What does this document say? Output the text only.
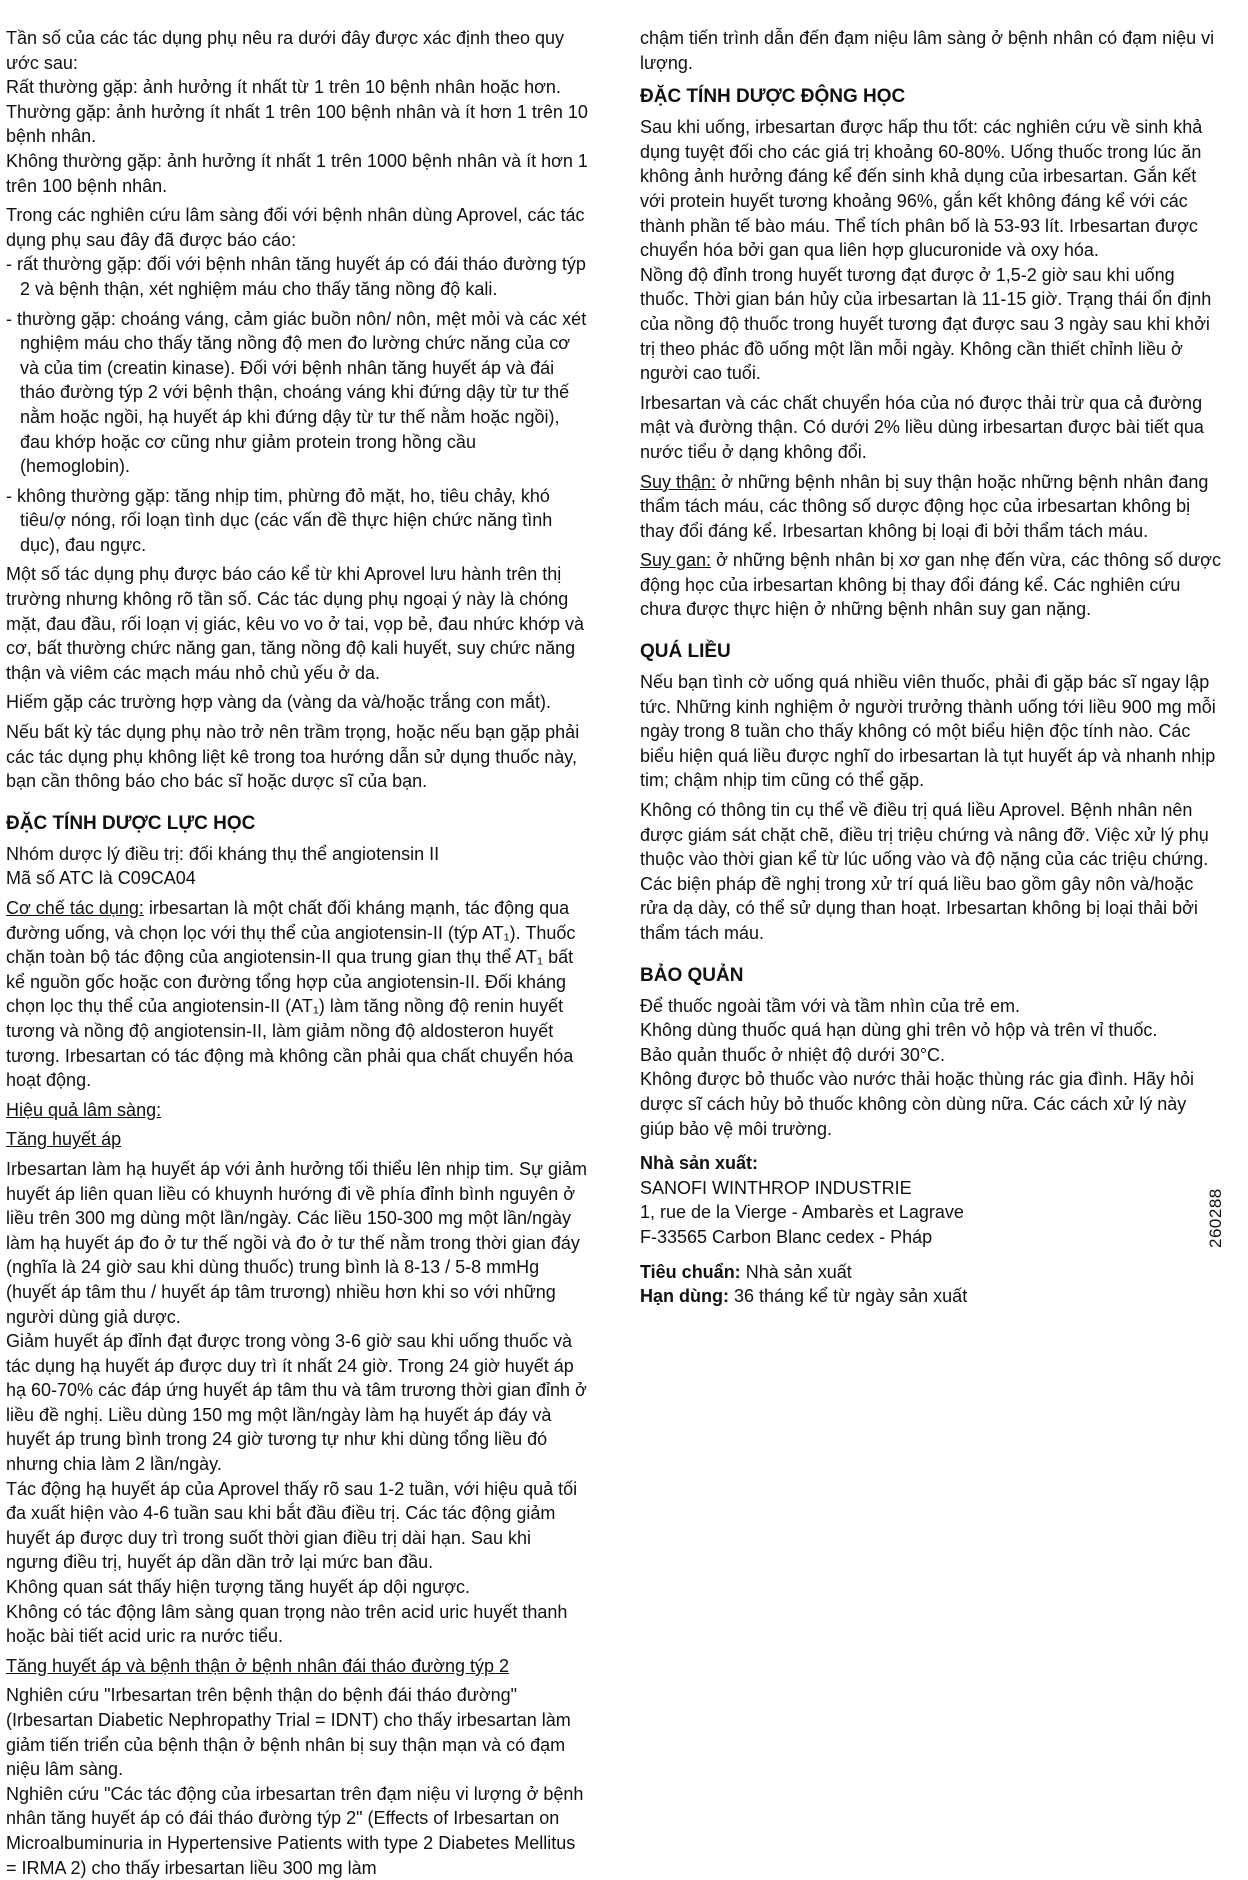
Tần số của các tác dụng phụ nêu ra dưới đây được xác định theo quy ước sau:

Rất thường gặp: ảnh hưởng ít nhất từ 1 trên 10 bệnh nhân hoặc hơn.

Thường gặp: ảnh hưởng ít nhất 1 trên 100 bệnh nhân và ít hơn 1 trên 10 bệnh nhân.

Không thường gặp: ảnh hưởng ít nhất 1 trên 1000 bệnh nhân và ít hơn 1 trên 100 bệnh nhân.

Trong các nghiên cứu lâm sàng đối với bệnh nhân dùng Aprovel, các tác dụng phụ sau đây đã được báo cáo:

- rất thường gặp: đối với bệnh nhân tăng huyết áp có đái tháo đường týp 2 và bệnh thận, xét nghiệm máu cho thấy tăng nồng độ kali.

- thường gặp: choáng váng, cảm giác buồn nôn/ nôn, mệt mỏi và các xét nghiệm máu cho thấy tăng nồng độ men đo lường chức năng của cơ và của tim (creatin kinase). Đối với bệnh nhân tăng huyết áp và đái tháo đường týp 2 với bệnh thận, choáng váng khi đứng dậy từ tư thế nằm hoặc ngồi, hạ huyết áp khi đứng dậy từ tư thế nằm hoặc ngồi), đau khớp hoặc cơ cũng như giảm protein trong hồng cầu (hemoglobin).

- không thường gặp: tăng nhịp tim, phừng đỏ mặt, ho, tiêu chảy, khó tiêu/ợ nóng, rối loạn tình dục (các vấn đề thực hiện chức năng tình dục), đau ngực.

Một số tác dụng phụ được báo cáo kể từ khi Aprovel lưu hành trên thị trường nhưng không rõ tần số. Các tác dụng phụ ngoại ý này là chóng mặt, đau đầu, rối loạn vị giác, kêu vo vo ở tai, vọp bẻ, đau nhức khớp và cơ, bất thường chức năng gan, tăng nồng độ kali huyết, suy chức năng thận và viêm các mạch máu nhỏ chủ yếu ở da.

Hiếm gặp các trường hợp vàng da (vàng da và/hoặc trắng con mắt).

Nếu bất kỳ tác dụng phụ nào trở nên trầm trọng, hoặc nếu bạn gặp phải các tác dụng phụ không liệt kê trong toa hướng dẫn sử dụng thuốc này, bạn cần thông báo cho bác sĩ hoặc dược sĩ của bạn.

ĐẶC TÍNH DƯỢC LỰC HỌC

Nhóm dược lý điều trị: đối kháng thụ thể angiotensin II

Mã số ATC là C09CA04

Cơ chế tác dụng: irbesartan là một chất đối kháng mạnh, tác động qua đường uống, và chọn lọc với thụ thể của angiotensin-II (týp AT₁). Thuốc chặn toàn bộ tác động của angiotensin-II qua trung gian thụ thể AT₁ bất kể nguồn gốc hoặc con đường tổng hợp của angiotensin-II. Đối kháng chọn lọc thụ thể của angiotensin-II (AT₁) làm tăng nồng độ renin huyết tương và nồng độ angiotensin-II, làm giảm nồng độ aldosteron huyết tương. Irbesartan có tác động mà không cần phải qua chất chuyển hóa hoạt động.

Hiệu quả lâm sàng:

Tăng huyết áp

Irbesartan làm hạ huyết áp với ảnh hưởng tối thiểu lên nhịp tim. Sự giảm huyết áp liên quan liều có khuynh hướng đi về phía đỉnh bình nguyên ở liều trên 300 mg dùng một lần/ngày. Các liều 150-300 mg một lần/ngày làm hạ huyết áp đo ở tư thế ngồi và đo ở tư thế nằm trong thời gian đáy (nghĩa là 24 giờ sau khi dùng thuốc) trung bình là 8-13 / 5-8 mmHg (huyết áp tâm thu / huyết áp tâm trương) nhiều hơn khi so với những người dùng giả dược.

Giảm huyết áp đỉnh đạt được trong vòng 3-6 giờ sau khi uống thuốc và tác dụng hạ huyết áp được duy trì ít nhất 24 giờ. Trong 24 giờ huyết áp hạ 60-70% các đáp ứng huyết áp tâm thu và tâm trương thời gian đỉnh ở liều đề nghị. Liều dùng 150 mg một lần/ngày làm hạ huyết áp đáy và huyết áp trung bình trong 24 giờ tương tự như khi dùng tổng liều đó nhưng chia làm 2 lần/ngày.

Tác động hạ huyết áp của Aprovel thấy rõ sau 1-2 tuần, với hiệu quả tối đa xuất hiện vào 4-6 tuần sau khi bắt đầu điều trị. Các tác động giảm huyết áp được duy trì trong suốt thời gian điều trị dài hạn. Sau khi ngưng điều trị, huyết áp dần dần trở lại mức ban đầu.

Không quan sát thấy hiện tượng tăng huyết áp dội ngược.

Không có tác động lâm sàng quan trọng nào trên acid uric huyết thanh hoặc bài tiết acid uric ra nước tiểu.

Tăng huyết áp và bệnh thận ở bệnh nhân đái tháo đường týp 2

Nghiên cứu "Irbesartan trên bệnh thận do bệnh đái tháo đường" (Irbesartan Diabetic Nephropathy Trial = IDNT) cho thấy irbesartan làm giảm tiến triển của bệnh thận ở bệnh nhân bị suy thận mạn và có đạm niệu lâm sàng.

Nghiên cứu "Các tác động của irbesartan trên đạm niệu vi lượng ở bệnh nhân tăng huyết áp có đái tháo đường týp 2" (Effects of Irbesartan on Microalbuminuria in Hypertensive Patients with type 2 Diabetes Mellitus = IRMA 2) cho thấy irbesartan liều 300 mg làm

chậm tiến trình dẫn đến đạm niệu lâm sàng ở bệnh nhân có đạm niệu vi lượng.

ĐẶC TÍNH DƯỢC ĐỘNG HỌC

Sau khi uống, irbesartan được hấp thu tốt: các nghiên cứu về sinh khả dụng tuyệt đối cho các giá trị khoảng 60-80%. Uống thuốc trong lúc ăn không ảnh hưởng đáng kể đến sinh khả dụng của irbesartan. Gắn kết với protein huyết tương khoảng 96%, gắn kết không đáng kể với các thành phần tế bào máu. Thể tích phân bố là 53-93 lít. Irbesartan được chuyển hóa bởi gan qua liên hợp glucuronide và oxy hóa.

Nồng độ đỉnh trong huyết tương đạt được ở 1,5-2 giờ sau khi uống thuốc. Thời gian bán hủy của irbesartan là 11-15 giờ. Trạng thái ổn định của nồng độ thuốc trong huyết tương đạt được sau 3 ngày sau khi khởi trị theo phác đồ uống một lần mỗi ngày. Không cần thiết chỉnh liều ở người cao tuổi.

Irbesartan và các chất chuyển hóa của nó được thải trừ qua cả đường mật và đường thận. Có dưới 2% liều dùng irbesartan được bài tiết qua nước tiểu ở dạng không đổi.

Suy thận: ở những bệnh nhân bị suy thận hoặc những bệnh nhân đang thẩm tách máu, các thông số dược động học của irbesartan không bị thay đổi đáng kể. Irbesartan không bị loại đi bởi thẩm tách máu.

Suy gan: ở những bệnh nhân bị xơ gan nhẹ đến vừa, các thông số dược động học của irbesartan không bị thay đổi đáng kể. Các nghiên cứu chưa được thực hiện ở những bệnh nhân suy gan nặng.

QUÁ LIỀU

Nếu bạn tình cờ uống quá nhiều viên thuốc, phải đi gặp bác sĩ ngay lập tức. Những kinh nghiệm ở người trưởng thành uống tới liều 900 mg mỗi ngày trong 8 tuần cho thấy không có một biểu hiện độc tính nào. Các biểu hiện quá liều được nghĩ do irbesartan là tụt huyết áp và nhanh nhịp tim; chậm nhịp tim cũng có thể gặp.

Không có thông tin cụ thể về điều trị quá liều Aprovel. Bệnh nhân nên được giám sát chặt chẽ, điều trị triệu chứng và nâng đỡ. Việc xử lý phụ thuộc vào thời gian kể từ lúc uống vào và độ nặng của các triệu chứng. Các biện pháp đề nghị trong xử trí quá liều bao gồm gây nôn và/hoặc rửa dạ dày, có thể sử dụng than hoạt. Irbesartan không bị loại thải bởi thẩm tách máu.

BẢO QUẢN

Để thuốc ngoài tầm với và tầm nhìn của trẻ em.

Không dùng thuốc quá hạn dùng ghi trên vỏ hộp và trên vỉ thuốc.

Bảo quản thuốc ở nhiệt độ dưới 30°C.

Không được bỏ thuốc vào nước thải hoặc thùng rác gia đình. Hãy hỏi dược sĩ cách hủy bỏ thuốc không còn dùng nữa. Các cách xử lý này giúp bảo vệ môi trường.

Nhà sản xuất:

SANOFI WINTHROP INDUSTRIE

1, rue de la Vierge - Ambarès et Lagrave

F-33565 Carbon Blanc cedex - Pháp

Tiêu chuẩn: Nhà sản xuất

Hạn dùng: 36 tháng kể từ ngày sản xuất

260288
